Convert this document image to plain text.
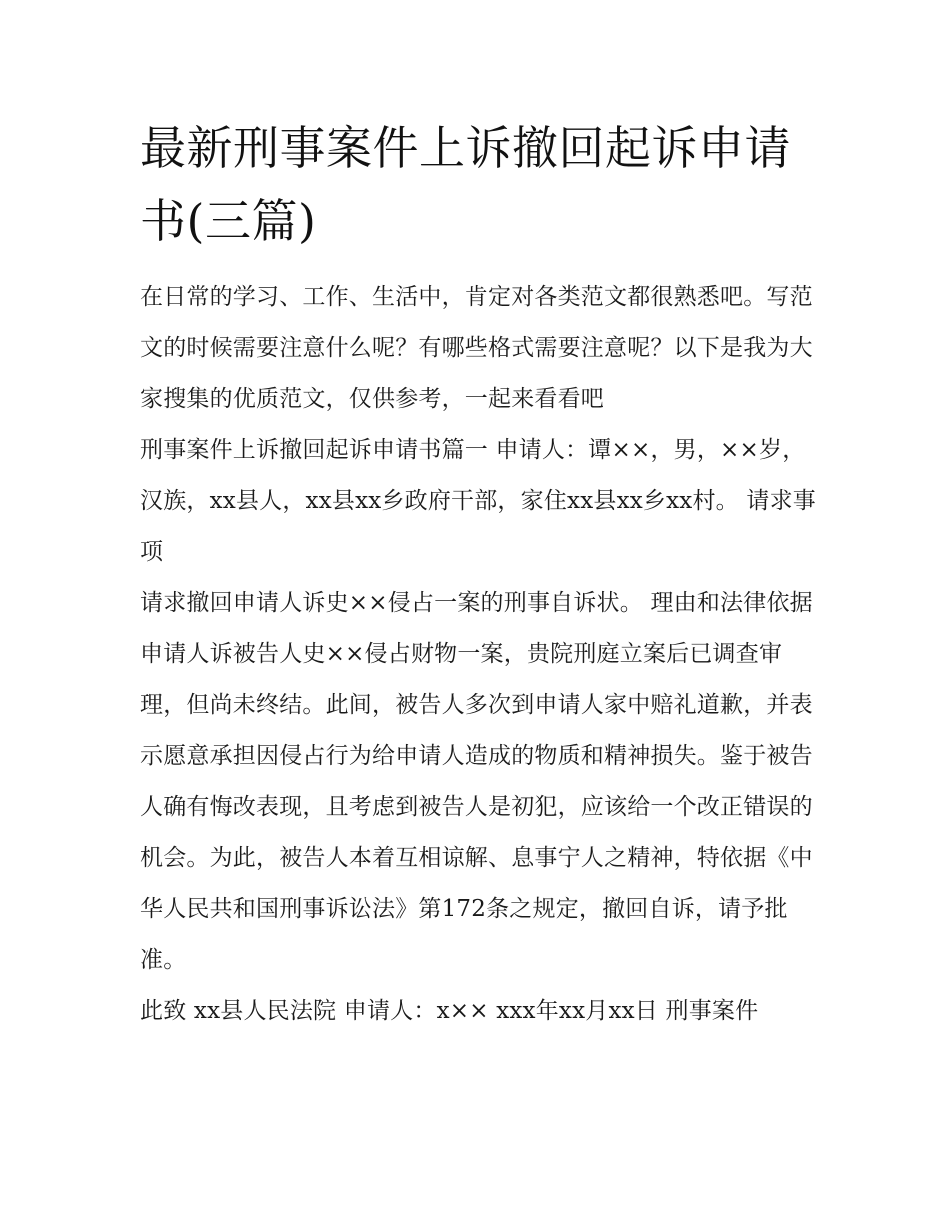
最新刑事案件上诉撤回起诉申请书(三篇)

在日常的学习、工作、生活中，肯定对各类范文都很熟悉吧。写范文的时候需要注意什么呢？有哪些格式需要注意呢？以下是我为大家搜集的优质范文，仅供参考，一起来看看吧

刑事案件上诉撤回起诉申请书篇一 申请人：谭××，男，××岁，汉族，xx县人，xx县xx乡政府干部，家住xx县xx乡xx村。 请求事项

请求撤回申请人诉史××侵占一案的刑事自诉状。 理由和法律依据

申请人诉被告人史××侵占财物一案，贵院刑庭立案后已调查审理，但尚未终结。此间，被告人多次到申请人家中赔礼道歉，并表示愿意承担因侵占行为给申请人造成的物质和精神损失。鉴于被告人确有悔改表现，且考虑到被告人是初犯，应该给一个改正错误的机会。为此，被告人本着互相谅解、息事宁人之精神，特依据《中华人民共和国刑事诉讼法》第172条之规定，撤回自诉，请予批准。

此致 xx县人民法院 申请人：x×× xxx年xx月xx日 刑事案件
